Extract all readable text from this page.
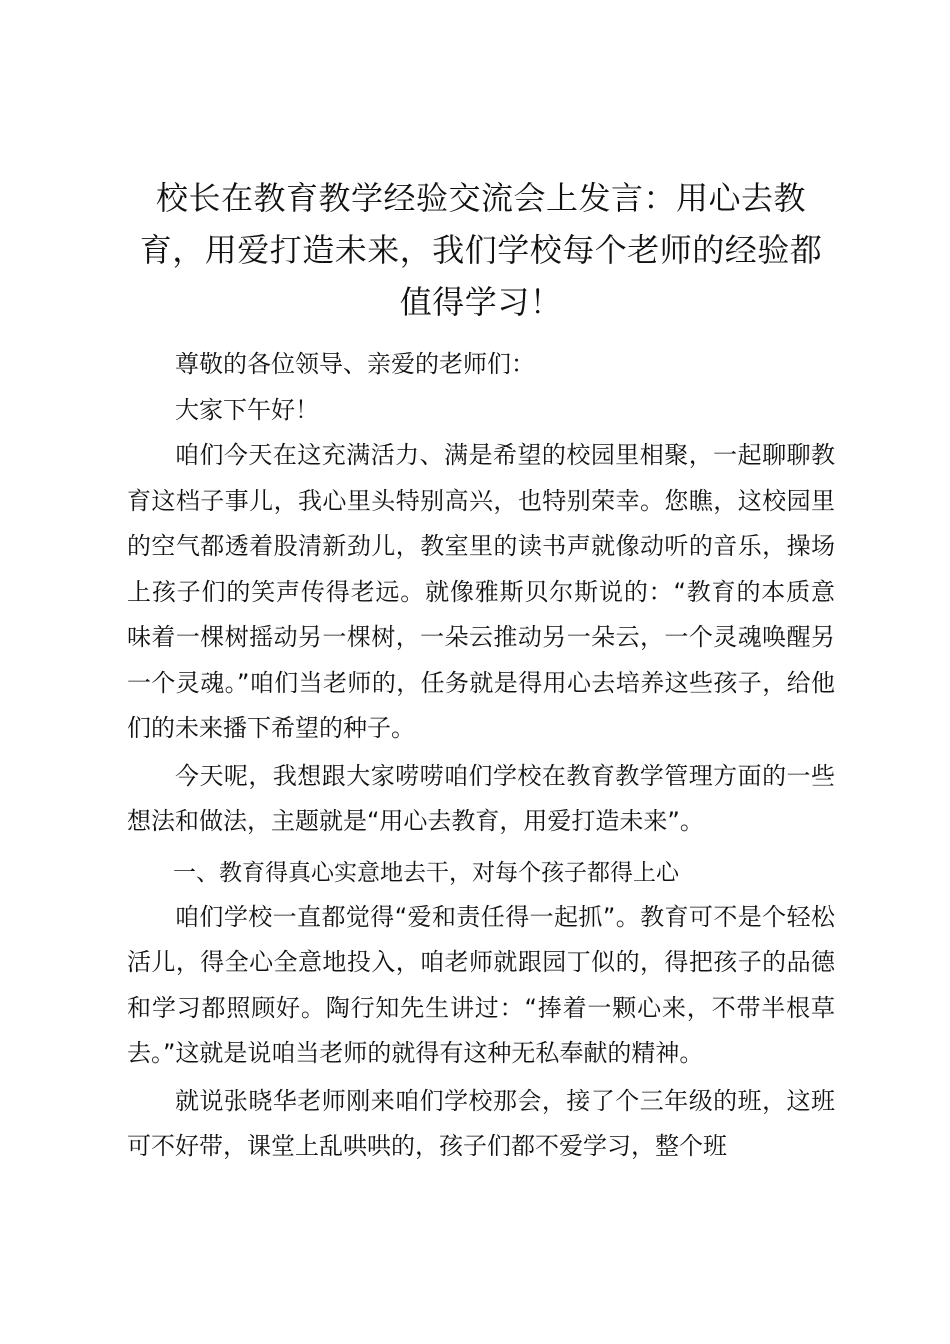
校长在教育教学经验交流会上发言：用心去教育，用爱打造未来，我们学校每个老师的经验都值得学习！

尊敬的各位领导、亲爱的老师们：

大家下午好！

咱们今天在这充满活力、满是希望的校园里相聚，一起聊聊教育这档子事儿，我心里头特别高兴，也特别荣幸。您瞧，这校园里的空气都透着股清新劲儿，教室里的读书声就像动听的音乐，操场上孩子们的笑声传得老远。就像雅斯贝尔斯说的：“教育的本质意味着一棵树摇动另一棵树，一朵云推动另一朵云，一个灵魂唤醒另一个灵魂。”咱们当老师的，任务就是得用心去培养这些孩子，给他们的未来播下希望的种子。

今天呢，我想跟大家唠唠咱们学校在教育教学管理方面的一些想法和做法，主题就是“用心去教育，用爱打造未来”。

一、教育得真心实意地去干，对每个孩子都得上心

咱们学校一直都觉得“爱和责任得一起抓”。教育可不是个轻松活儿，得全心全意地投入，咱老师就跟园丁似的，得把孩子的品德和学习都照顾好。陶行知先生讲过：“捧着一颗心来，不带半根草去。”这就是说咱当老师的就得有这种无私奉献的精神。

就说张晓华老师刚来咱们学校那会，接了个三年级的班，这班可不好带，课堂上乱哄哄的，孩子们都不爱学习，整个班
